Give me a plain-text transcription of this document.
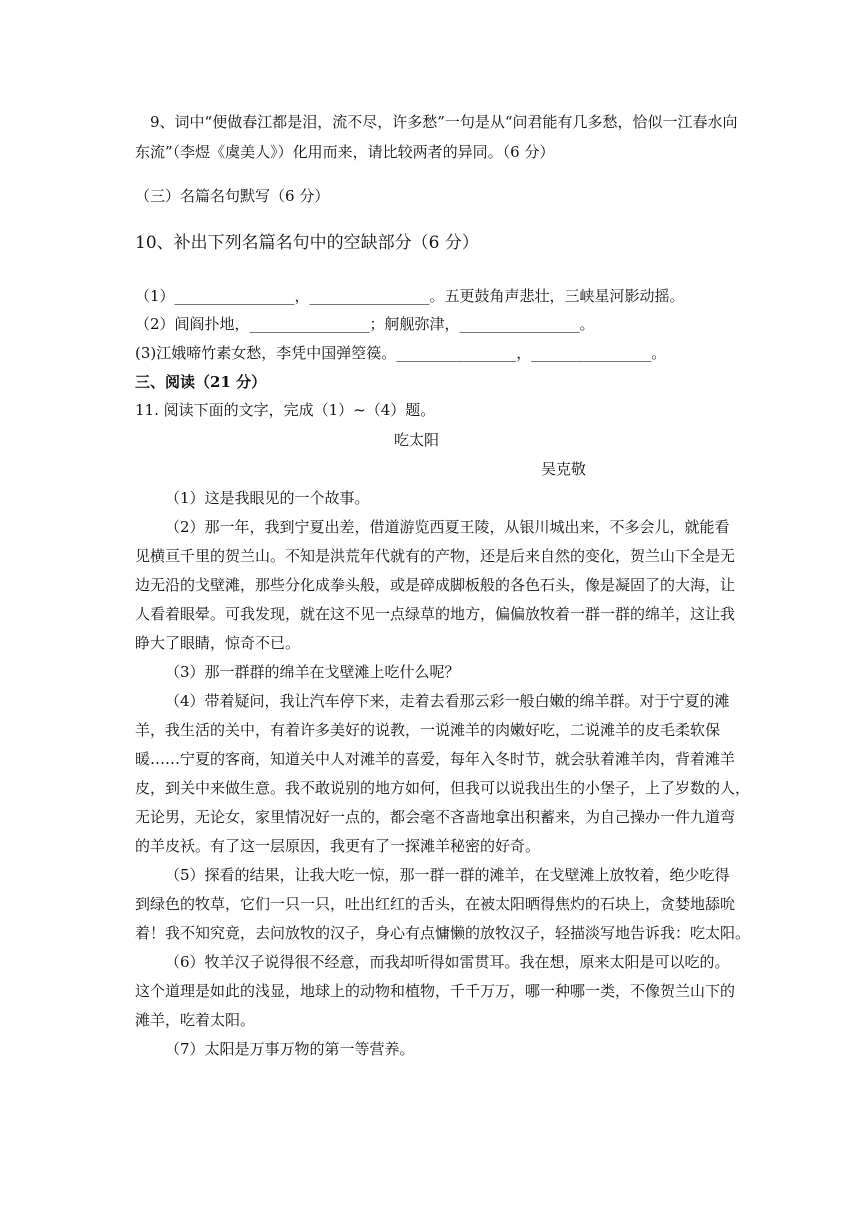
9、词中“便做春江都是泪，流不尽，许多愁”一句是从“问君能有几多愁，恰似一江春水向
东流”（李煜《虞美人》）化用而来，请比较两者的异同。（6 分）
（三）名篇名句默写（6 分）
10、补出下列名篇名句中的空缺部分（6 分）
（1）________________，________________。五更鼓角声悲壮，三峡星河影动摇。
（2）闾阎扑地，________________；舸舰弥津，________________。
(3)江娥啼竹素女愁，李凭中国弹箜篌。________________，________________。
三、阅读（21 分）
11. 阅读下面的文字，完成（1）~（4）题。
吃太阳
吴克敬
（1）这是我眼见的一个故事。
（2）那一年，我到宁夏出差，借道游览西夏王陵，从银川城出来，不多会儿，就能看
见横亘千里的贺兰山。不知是洪荒年代就有的产物，还是后来自然的变化，贺兰山下全是无
边无沿的戈壁滩，那些分化成拳头般，或是碎成脚板般的各色石头，像是凝固了的大海，让
人看着眼晕。可我发现，就在这不见一点绿草的地方，偏偏放牧着一群一群的绵羊，这让我
睁大了眼睛，惊奇不已。
（3）那一群群的绵羊在戈壁滩上吃什么呢？
（4）带着疑问，我让汽车停下来，走着去看那云彩一般白嫩的绵羊群。对于宁夏的滩
羊，我生活的关中，有着许多美好的说教，一说滩羊的肉嫩好吃，二说滩羊的皮毛柔软保
暖……宁夏的客商，知道关中人对滩羊的喜爱，每年入冬时节，就会驮着滩羊肉，背着滩羊
皮，到关中来做生意。我不敢说别的地方如何，但我可以说我出生的小堡子，上了岁数的人，
无论男，无论女，家里情况好一点的，都会毫不吝啬地拿出积蓄来，为自己操办一件九道弯
的羊皮袄。有了这一层原因，我更有了一探滩羊秘密的好奇。
（5）探看的结果，让我大吃一惊，那一群一群的滩羊，在戈壁滩上放牧着，绝少吃得
到绿色的牧草，它们一只一只，吐出红红的舌头，在被太阳晒得焦灼的石块上，贪婪地舔吮
着！我不知究竟，去问放牧的汉子，身心有点慵懒的放牧汉子，轻描淡写地告诉我：吃太阳。
（6）牧羊汉子说得很不经意，而我却听得如雷贯耳。我在想，原来太阳是可以吃的。
这个道理是如此的浅显，地球上的动物和植物，千千万万，哪一种哪一类，不像贺兰山下的
滩羊，吃着太阳。
（7）太阳是万事万物的第一等营养。
